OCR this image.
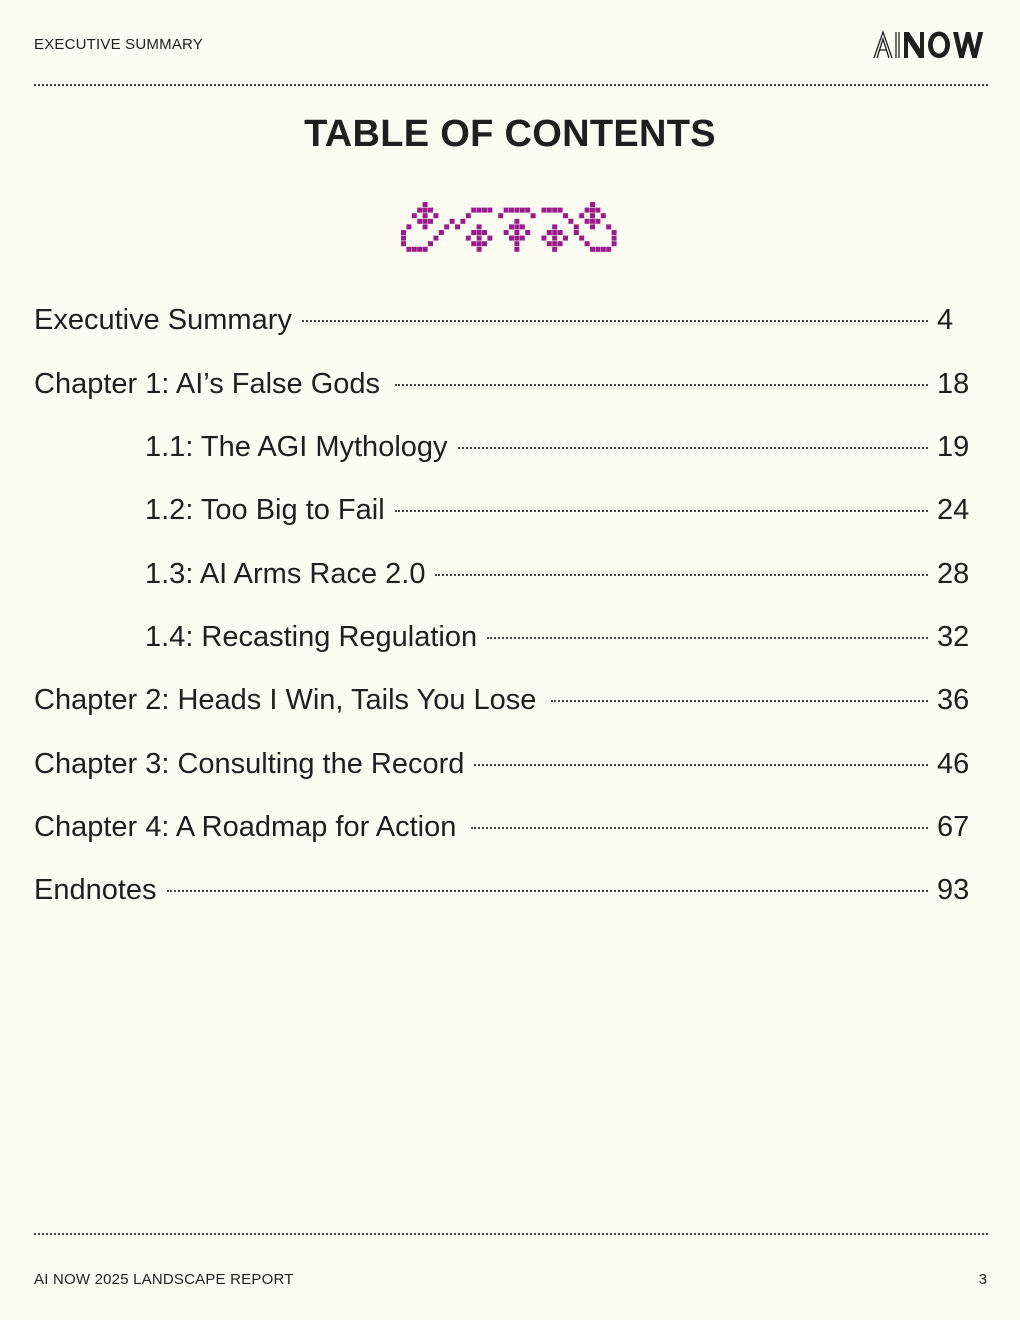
EXECUTIVE SUMMARY
TABLE OF CONTENTS
Executive Summary	4
Chapter 1: AI’s False Gods	18
1.1: The AGI Mythology	19
1.2: Too Big to Fail	24
1.3: AI Arms Race 2.0	28
1.4: Recasting Regulation	32
Chapter 2: Heads I Win, Tails You Lose	36
Chapter 3: Consulting the Record	46
Chapter 4: A Roadmap for Action	67
Endnotes	93
AI NOW 2025 LANDSCAPE REPORT	3
